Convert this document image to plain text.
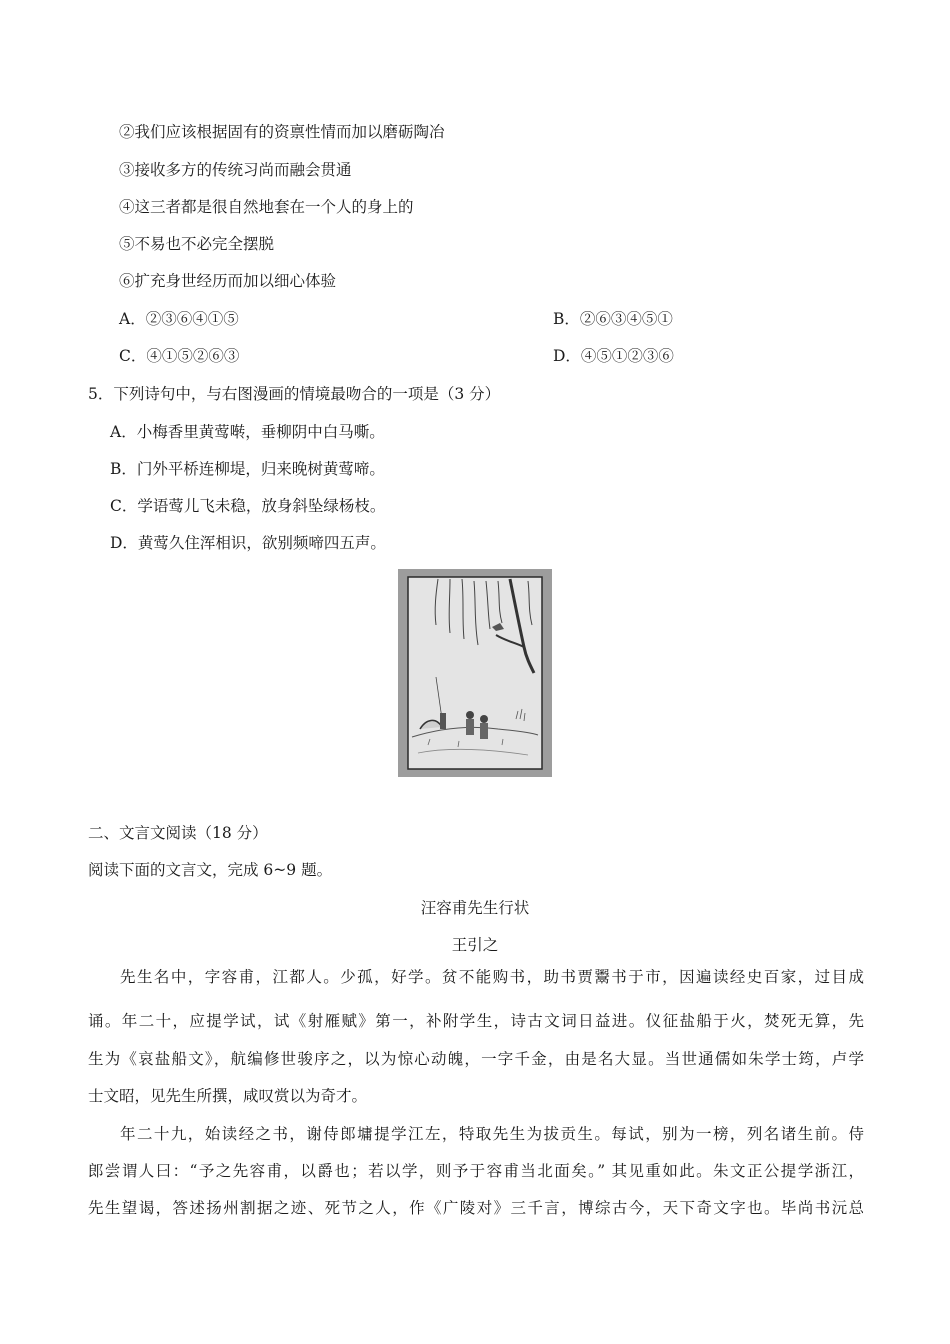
②我们应该根据固有的资禀性情而加以磨砺陶冶
③接收多方的传统习尚而融会贯通
④这三者都是很自然地套在一个人的身上的
⑤不易也不必完全摆脱
⑥扩充身世经历而加以细心体验
A．②③⑥④①⑤	B．②⑥③④⑤①
C．④①⑤②⑥③	D．④⑤①②③⑥
5．下列诗句中，与右图漫画的情境最吻合的一项是（3 分）
A．小梅香里黄莺啭，垂柳阴中白马嘶。
B．门外平桥连柳堤，归来晚树黄莺啼。
C．学语莺儿飞未稳，放身斜坠绿杨枝。
D．黄莺久住浑相识，欲别频啼四五声。
二、文言文阅读（18 分）
阅读下面的文言文，完成 6~9 题。
汪容甫先生行状
王引之
先生名中，字容甫，江都人。少孤，好学。贫不能购书，助书贾鬻书于市，因遍读经史百家，过目成
诵。年二十，应提学试，试《射雁赋》第一，补附学生，诗古文词日益进。仪征盐船于火，焚死无算，先
生为《哀盐船文》，航编修世骏序之，以为惊心动魄，一字千金，由是名大显。当世通儒如朱学士筠，卢学
士文昭，见先生所撰，咸叹赏以为奇才。
年二十九，始读经之书，谢侍郎墉提学江左，特取先生为拔贡生。每试，别为一榜，列名诸生前。侍
郎尝谓人曰：“予之先容甫，以爵也；若以学，则予于容甫当北面矣。” 其见重如此。朱文正公提学浙江，
先生望谒，答述扬州割据之迹、死节之人，作《广陵对》三千言，博综古今，天下奇文字也。毕尚书沅总
